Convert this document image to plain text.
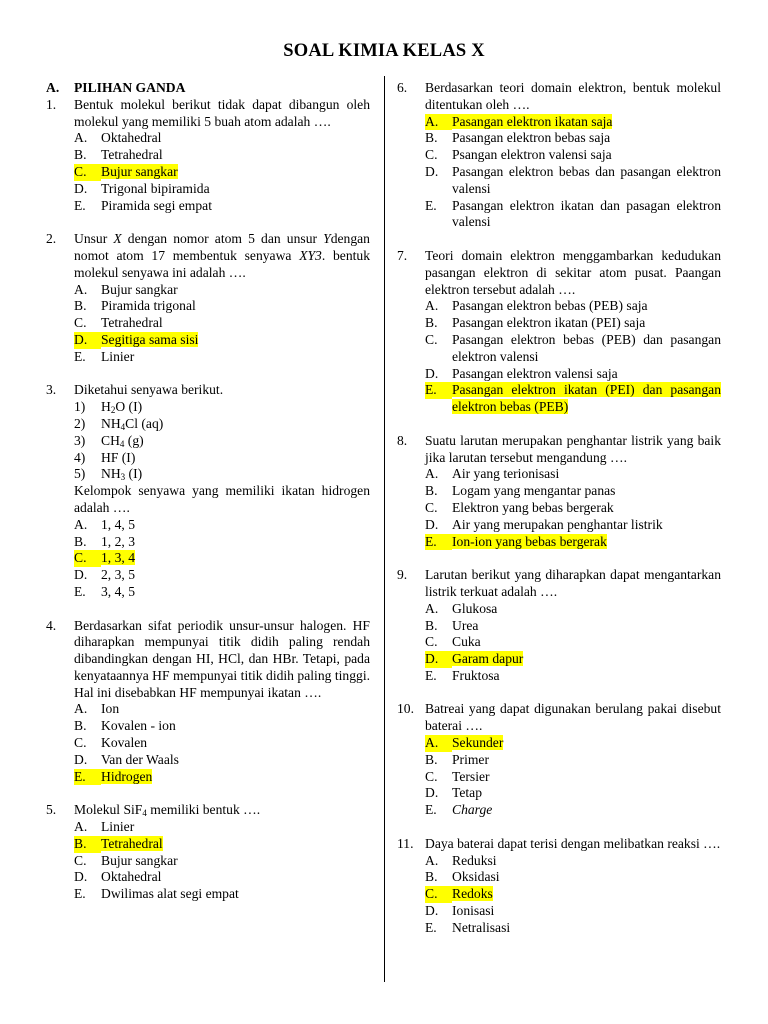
SOAL KIMIA KELAS X
A.	PILIHAN GANDA
1.	Bentuk molekul berikut tidak dapat dibangun oleh molekul yang memiliki 5 buah atom adalah ….
A.	Oktahedral
B.	Tetrahedral
C.	Bujur sangkar
D.	Trigonal bipiramida
E.	Piramida segi empat
2.	Unsur X dengan nomor atom 5 dan unsur Ydengan nomot atom 17 membentuk senyawa XY3. bentuk molekul senyawa ini adalah ….
A.	Bujur sangkar
B.	Piramida trigonal
C.	Tetrahedral
D.	Segitiga sama sisi
E.	Linier
3.	Diketahui senyawa berikut.
1)	$H_2O$ (I)
2)	$NH_4Cl$ (aq)
3)	$CH_4$ (g)
4)	HF (I)
5)	$NH_3$ (I)
Kelompok senyawa yang memiliki ikatan hidrogen adalah ….
A.	1, 4, 5
B.	1, 2, 3
C.	1, 3, 4
D.	2, 3, 5
E.	3, 4, 5
4.	Berdasarkan sifat periodik unsur-unsur halogen. HF diharapkan mempunyai titik didih paling rendah dibandingkan dengan HI, HCl, dan HBr. Tetapi, pada kenyataannya HF mempunyai titik didih paling tinggi. Hal ini disebabkan HF mempunyai ikatan ….
A.	Ion
B.	Kovalen - ion
C.	Kovalen
D.	Van der Waals
E.	Hidrogen
5.	Molekul SiF$_4$ memiliki bentuk ….
A.	Linier
B.	Tetrahedral
C.	Bujur sangkar
D.	Oktahedral
E.	Dwilimas alat segi empat
6.	Berdasarkan teori domain elektron, bentuk molekul ditentukan oleh ….
A.	Pasangan elektron ikatan saja
B.	Pasangan elektron bebas saja
C.	Psangan elektron valensi saja
D.	Pasangan elektron bebas dan pasangan elektron valensi
E.	Pasangan elektron ikatan dan pasagan elektron valensi
7.	Teori domain elektron menggambarkan kedudukan pasangan elektron di sekitar atom pusat. Paangan elektron tersebut adalah ….
A.	Pasangan elektron bebas (PEB) saja
B.	Pasangan elektron ikatan (PEI) saja
C.	Pasangan elektron bebas (PEB) dan pasangan elektron valensi
D.	Pasangan elektron valensi saja
E.	Pasangan elektron ikatan (PEI) dan pasangan elektron bebas (PEB)
8.	Suatu larutan merupakan penghantar listrik yang baik jika larutan tersebut mengandung ….
A.	Air yang terionisasi
B.	Logam yang mengantar panas
C.	Elektron yang bebas bergerak
D.	Air yang merupakan penghantar listrik
E.	Ion-ion yang bebas bergerak
9.	Larutan berikut yang diharapkan dapat mengantarkan listrik terkuat adalah ….
A.	Glukosa
B.	Urea
C.	Cuka
D.	Garam dapur
E.	Fruktosa
10. Batreai yang dapat digunakan berulang pakai disebut baterai ….
A.	Sekunder
B.	Primer
C.	Tersier
D.	Tetap
E.	Charge
11. Daya baterai dapat terisi dengan melibatkan reaksi ….
A.	Reduksi
B.	Oksidasi
C.	Redoks
D.	Ionisasi
E.	Netralisasi
